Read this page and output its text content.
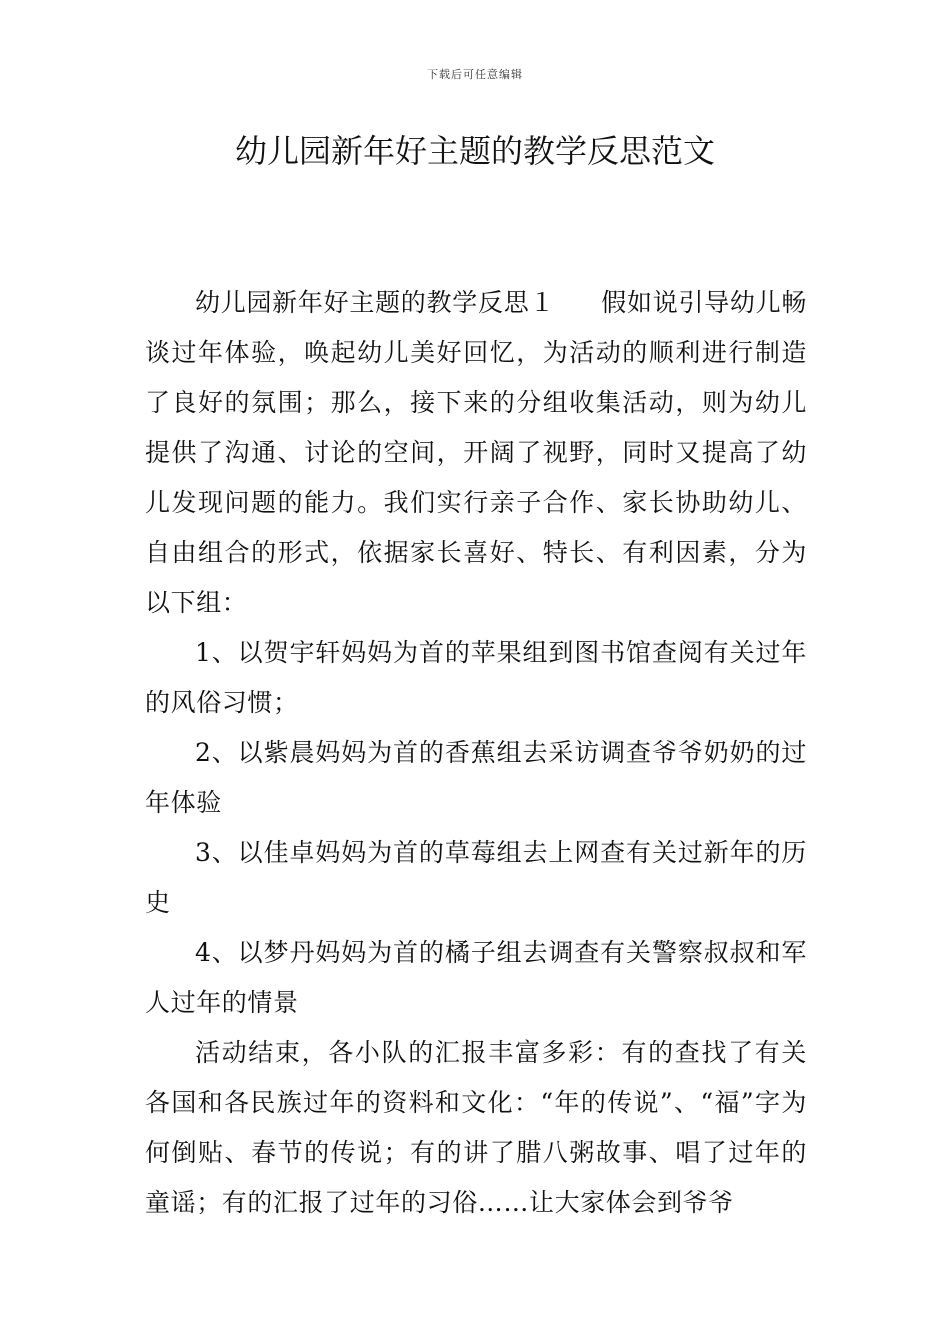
下载后可任意编辑
幼儿园新年好主题的教学反思范文

幼儿园新年好主题的教学反思１ 假如说引导幼儿畅谈过年体验，唤起幼儿美好回忆，为活动的顺利进行制造了良好的氛围；那么，接下来的分组收集活动，则为幼儿提供了沟通、讨论的空间，开阔了视野，同时又提高了幼儿发现问题的能力。我们实行亲子合作、家长协助幼儿、自由组合的形式，依据家长喜好、特长、有利因素，分为以下组：

1、以贺宇轩妈妈为首的苹果组到图书馆查阅有关过年的风俗习惯；

2、以紫晨妈妈为首的香蕉组去采访调查爷爷奶奶的过年体验

3、以佳卓妈妈为首的草莓组去上网查有关过新年的历史

4、以梦丹妈妈为首的橘子组去调查有关警察叔叔和军人过年的情景

活动结束，各小队的汇报丰富多彩：有的查找了有关各国和各民族过年的资料和文化：“年的传说”、“福”字为何倒贴、春节的传说；有的讲了腊八粥故事、唱了过年的童谣；有的汇报了过年的习俗……让大家体会到爷爷
